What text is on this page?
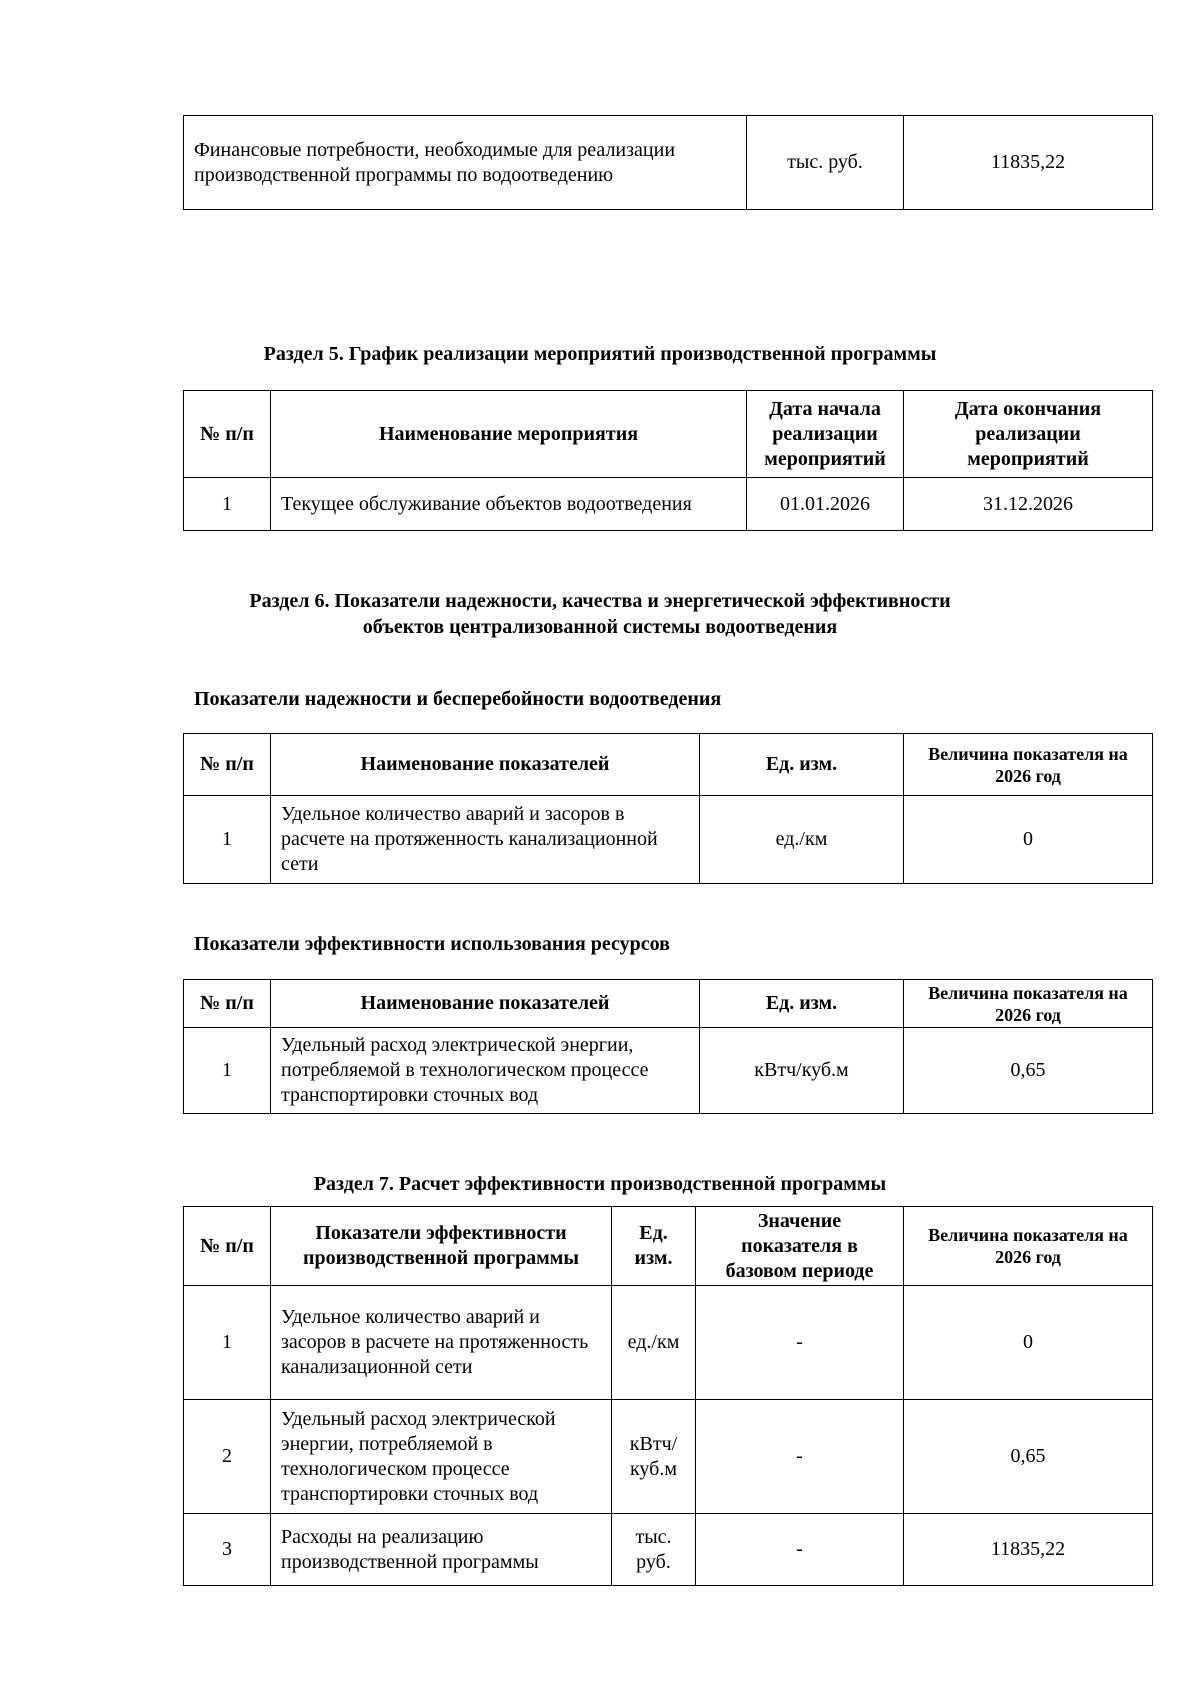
Финансовые потребности, необходимые для реализации производственной программы по водоотведению	тыс. руб.	11835,22
Раздел 5. График реализации мероприятий производственной программы
№ п/п	Наименование мероприятия	Дата начала реализации мероприятий	Дата окончания реализации мероприятий
1	Текущее обслуживание объектов водоотведения	01.01.2026	31.12.2026
Раздел 6. Показатели надежности, качества и энергетической эффективности
объектов централизованной системы водоотведения
Показатели надежности и бесперебойности водоотведения
№ п/п	Наименование показателей	Ед. изм.	Величина показателя на 2026 год
1	Удельное количество аварий и засоров в расчете на протяженность канализационной сети	ед./км	0
Показатели эффективности использования ресурсов
№ п/п	Наименование показателей	Ед. изм.	Величина показателя на 2026 год
1	Удельный расход электрической энергии, потребляемой в технологическом процессе транспортировки сточных вод	кВтч/куб.м	0,65
Раздел 7. Расчет эффективности производственной программы
№ п/п	Показатели эффективности производственной программы	Ед. изм.	Значение показателя в базовом периоде	Величина показателя на 2026 год
1	Удельное количество аварий и засоров в расчете на протяженность канализационной сети	ед./км	-	0
2	Удельный расход электрической энергии, потребляемой в технологическом процессе транспортировки сточных вод	кВтч/ куб.м	-	0,65
3	Расходы на реализацию производственной программы	тыс. руб.	-	11835,22
